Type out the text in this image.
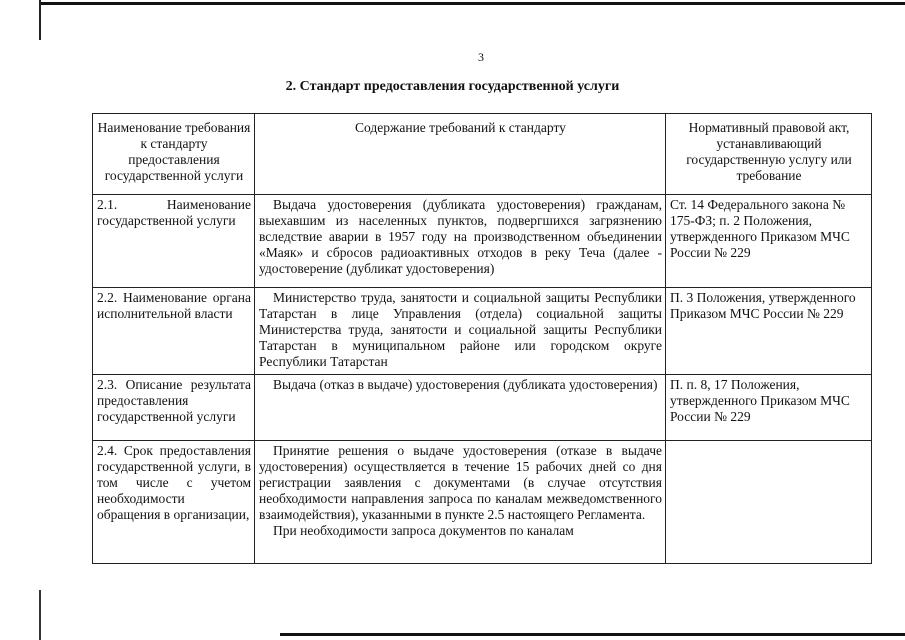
3
2. Стандарт предоставления государственной услуги
Наименование требования к стандарту предоставления государственной услуги	Содержание требований к стандарту	Нормативный правовой акт, устанавливающий государственную услугу или требование
2.1. Наименование государственной услуги	Выдача удостоверения (дубликата удостоверения) гражданам, выехавшим из населенных пунктов, подвергшихся загрязнению вследствие аварии в 1957 году на производственном объединении «Маяк» и сбросов радиоактивных отходов в реку Теча (далее - удостоверение (дубликат удостоверения)	Ст. 14 Федерального закона № 175-ФЗ; п. 2 Положения, утвержденного Приказом МЧС России № 229
2.2. Наименование органа исполнительной власти	Министерство труда, занятости и социальной защиты Республики Татарстан в лице Управления (отдела) социальной защиты Министерства труда, занятости и социальной защиты Республики Татарстан в муниципальном районе или городском округе Республики Татарстан	П. 3 Положения, утвержденного Приказом МЧС России № 229
2.3. Описание результата предоставления государственной услуги	Выдача (отказ в выдаче) удостоверения (дубликата удостоверения)	П. п. 8, 17 Положения, утвержденного Приказом МЧС России № 229
2.4. Срок предоставления государственной услуги, в том числе с учетом необходимости обращения в организации,	Принятие решения о выдаче удостоверения (отказе в выдаче удостоверения) осуществляется в течение 15 рабочих дней со дня регистрации заявления с документами (в случае отсутствия необходимости направления запроса по каналам межведомственного взаимодействия), указанными в пункте 2.5 настоящего Регламента.

При необходимости запроса документов по каналам	
